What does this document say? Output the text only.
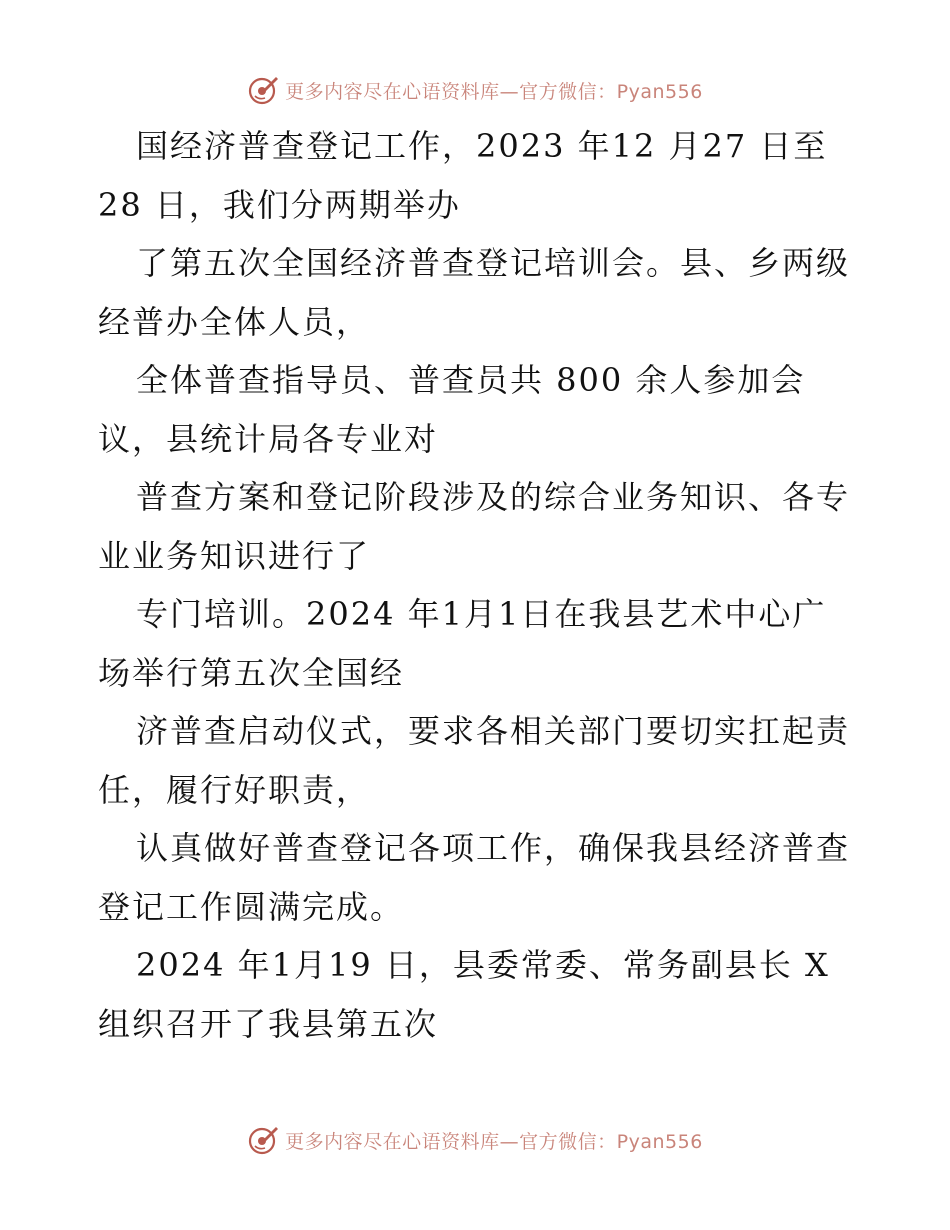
更多内容尽在心语资料库—官方微信：Pyan556
国经济普查登记工作，2023 年12 月27 日至
28 日，我们分两期举办
了第五次全国经济普查登记培训会。县、乡两级
经普办全体人员，
全体普查指导员、普查员共 800 余人参加会
议，县统计局各专业对
普查方案和登记阶段涉及的综合业务知识、各专
业业务知识进行了
专门培训。2024 年1月1日在我县艺术中心广
场举行第五次全国经
济普查启动仪式，要求各相关部门要切实扛起责
任，履行好职责，
认真做好普查登记各项工作，确保我县经济普查
登记工作圆满完成。
2024 年1月19 日，县委常委、常务副县长 X
组织召开了我县第五次
更多内容尽在心语资料库—官方微信：Pyan556
